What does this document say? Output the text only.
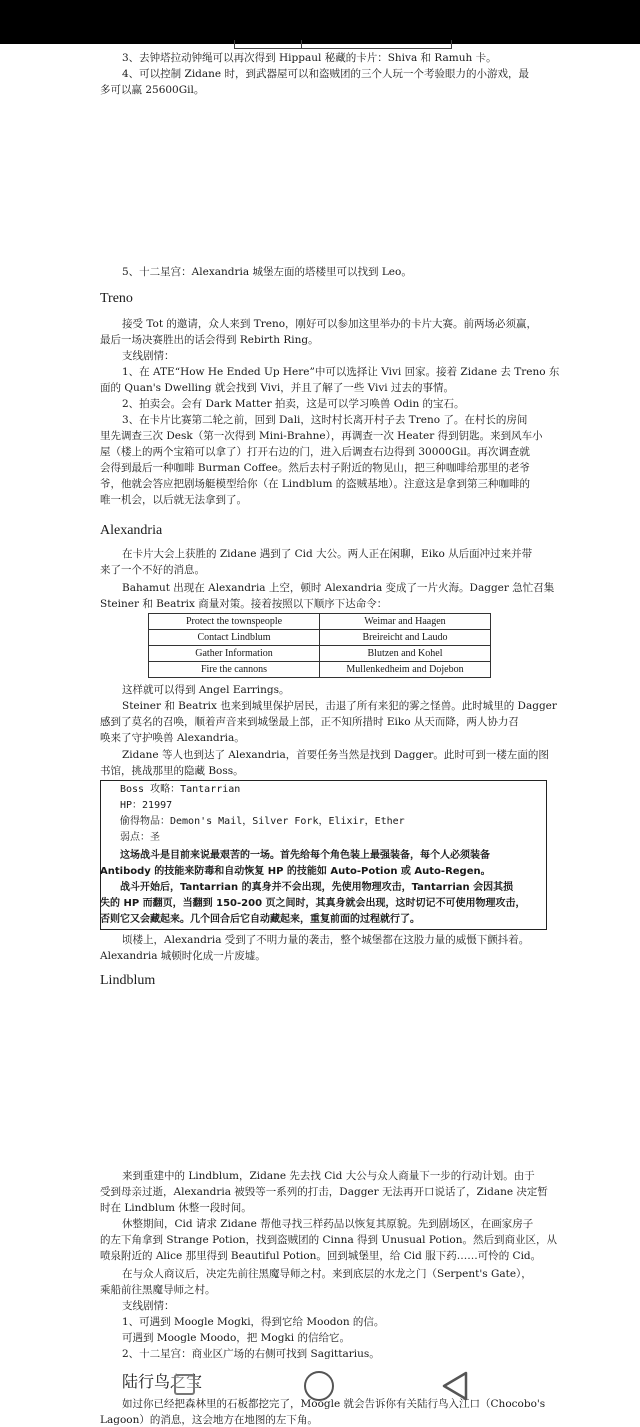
3、去钟塔拉动钟绳可以再次得到 Hippaul 秘藏的卡片：Shiva 和 Ramuh 卡。
4、可以控制 Zidane 时，到武器屋可以和盗贼团的三个人玩一个考验眼力的小游戏，最
多可以赢 25600Gil。
5、十二星宫：Alexandria 城堡左面的塔楼里可以找到 Leo。
Treno
接受 Tot 的邀请，众人来到 Treno，刚好可以参加这里举办的卡片大赛。前两场必须赢，
最后一场决赛胜出的话会得到 Rebirth Ring。
支线剧情：
1、在 ATE“How He Ended Up Here”中可以选择让 Vivi 回家。接着 Zidane 去 Treno 东
面的 Quan's Dwelling 就会找到 Vivi，并且了解了一些 Vivi 过去的事情。
2、拍卖会。会有 Dark Matter 拍卖，这是可以学习唤兽 Odin 的宝石。
3、在卡片比赛第二轮之前，回到 Dali，这时村长离开村子去 Treno 了。在村长的房间
里先调查三次 Desk（第一次得到 Mini-Brahne），再调查一次 Heater 得到钥匙。来到风车小
屋（楼上的两个宝箱可以拿了）打开右边的门，进入后调查右边得到 30000Gil。再次调查就
会得到最后一种咖啡 Burman Coffee。然后去村子附近的物见山，把三种咖啡给那里的老爷
爷，他就会答应把剧场艇模型给你（在 Lindblum 的盗贼基地）。注意这是拿到第三种咖啡的
唯一机会，以后就无法拿到了。
Alexandria
在卡片大会上获胜的 Zidane 遇到了 Cid 大公。两人正在闲聊，Eiko 从后面冲过来并带
来了一个不好的消息。
Bahamut 出现在 Alexandria 上空，顿时 Alexandria 变成了一片火海。Dagger 急忙召集
Steiner 和 Beatrix 商量对策。接着按照以下顺序下达命令：
Protect the townspeople	Weimar and Haagen
Contact Lindblum	Breireicht and Laudo
Gather Information	Blutzen and Kohel
Fire the cannons	Mullenkedheim and Dojebon
这样就可以得到 Angel Earrings。
Steiner 和 Beatrix 也来到城里保护居民，击退了所有来犯的雾之怪兽。此时城里的 Dagger
感到了莫名的召唤，顺着声音来到城堡最上部，正不知所措时 Eiko 从天而降，两人协力召
唤来了守护唤兽 Alexandria。
Zidane 等人也到达了 Alexandria，首要任务当然是找到 Dagger。此时可到一楼左面的图
书馆，挑战那里的隐藏 Boss。
Boss 攻略：Tantarrian
HP：21997
偷得物品：Demon's Mail，Silver Fork，Elixir，Ether
弱点：圣
这场战斗是目前来说最艰苦的一场。首先给每个角色装上最强装备，每个人必须装备
Antibody 的技能来防毒和自动恢复 HP 的技能如 Auto-Potion 或 Auto-Regen。
战斗开始后，Tantarrian 的真身并不会出现，先使用物理攻击，Tantarrian 会因其损
失的 HP 而翻页，当翻到 150-200 页之间时，其真身就会出现，这时切记不可使用物理攻击，
否则它又会藏起来。几个回合后它自动藏起来，重复前面的过程就行了。
顷楼上，Alexandria 受到了不明力量的袭击，整个城堡都在这股力量的威慑下颤抖着。
Alexandria 城顿时化成一片废墟。
Lindblum
来到重建中的 Lindblum，Zidane 先去找 Cid 大公与众人商量下一步的行动计划。由于
受到母亲过逝，Alexandria 被毁等一系列的打击，Dagger 无法再开口说话了，Zidane 决定暂
时在 Lindblum 休整一段时间。
休整期间，Cid 请求 Zidane 帮他寻找三样药品以恢复其原貌。先到剧场区，在画家房子
的左下角拿到 Strange Potion，找到盗贼团的 Cinna 得到 Unusual Potion。然后到商业区，从
喷泉附近的 Alice 那里得到 Beautiful Potion。回到城堡里，给 Cid 服下药……可怜的 Cid。
在与众人商议后，决定先前往黑魔导师之村。来到底层的水龙之门（Serpent's Gate），
乘船前往黑魔导师之村。
支线剧情：
1、可遇到 Moogle Mogki，得到它给 Moodon 的信。
可遇到 Moogle Moodo，把 Mogki 的信给它。
2、十二星宫：商业区广场的右侧可找到 Sagittarius。
陆行鸟之宝
如过你已经把森林里的石板都挖完了，Moogle 就会告诉你有关陆行鸟入江口（Chocobo's
Lagoon）的消息，这会地方在地图的左下角。
